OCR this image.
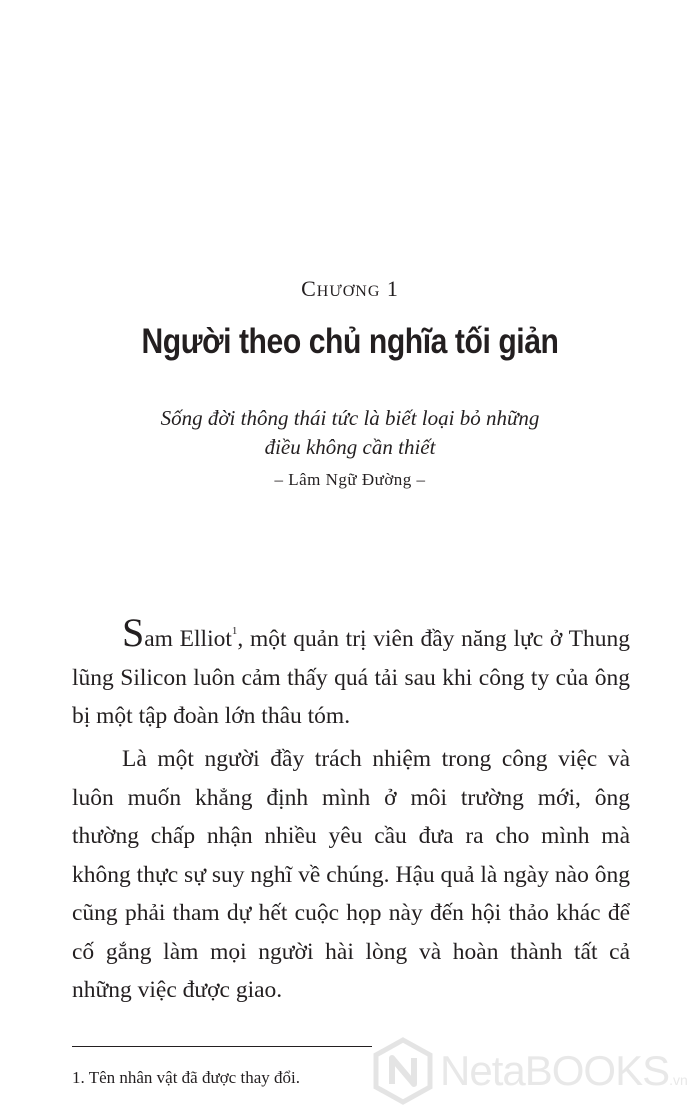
CHƯƠNG 1
Người theo chủ nghĩa tối giản
Sống đời thông thái tức là biết loại bỏ những
điều không cần thiết
– Lâm Ngữ Đường –
Sam Elliot$^1$, một quản trị viên đầy năng lực ở Thung lũng Silicon luôn cảm thấy quá tải sau khi công ty của ông bị một tập đoàn lớn thâu tóm.
Là một người đầy trách nhiệm trong công việc và luôn muốn khẳng định mình ở môi trường mới, ông thường chấp nhận nhiều yêu cầu đưa ra cho mình mà không thực sự suy nghĩ về chúng. Hậu quả là ngày nào ông cũng phải tham dự hết cuộc họp này đến hội thảo khác để cố gắng làm mọi người hài lòng và hoàn thành tất cả những việc được giao.
1. Tên nhân vật đã được thay đổi.	NetaBOOKS.vn
